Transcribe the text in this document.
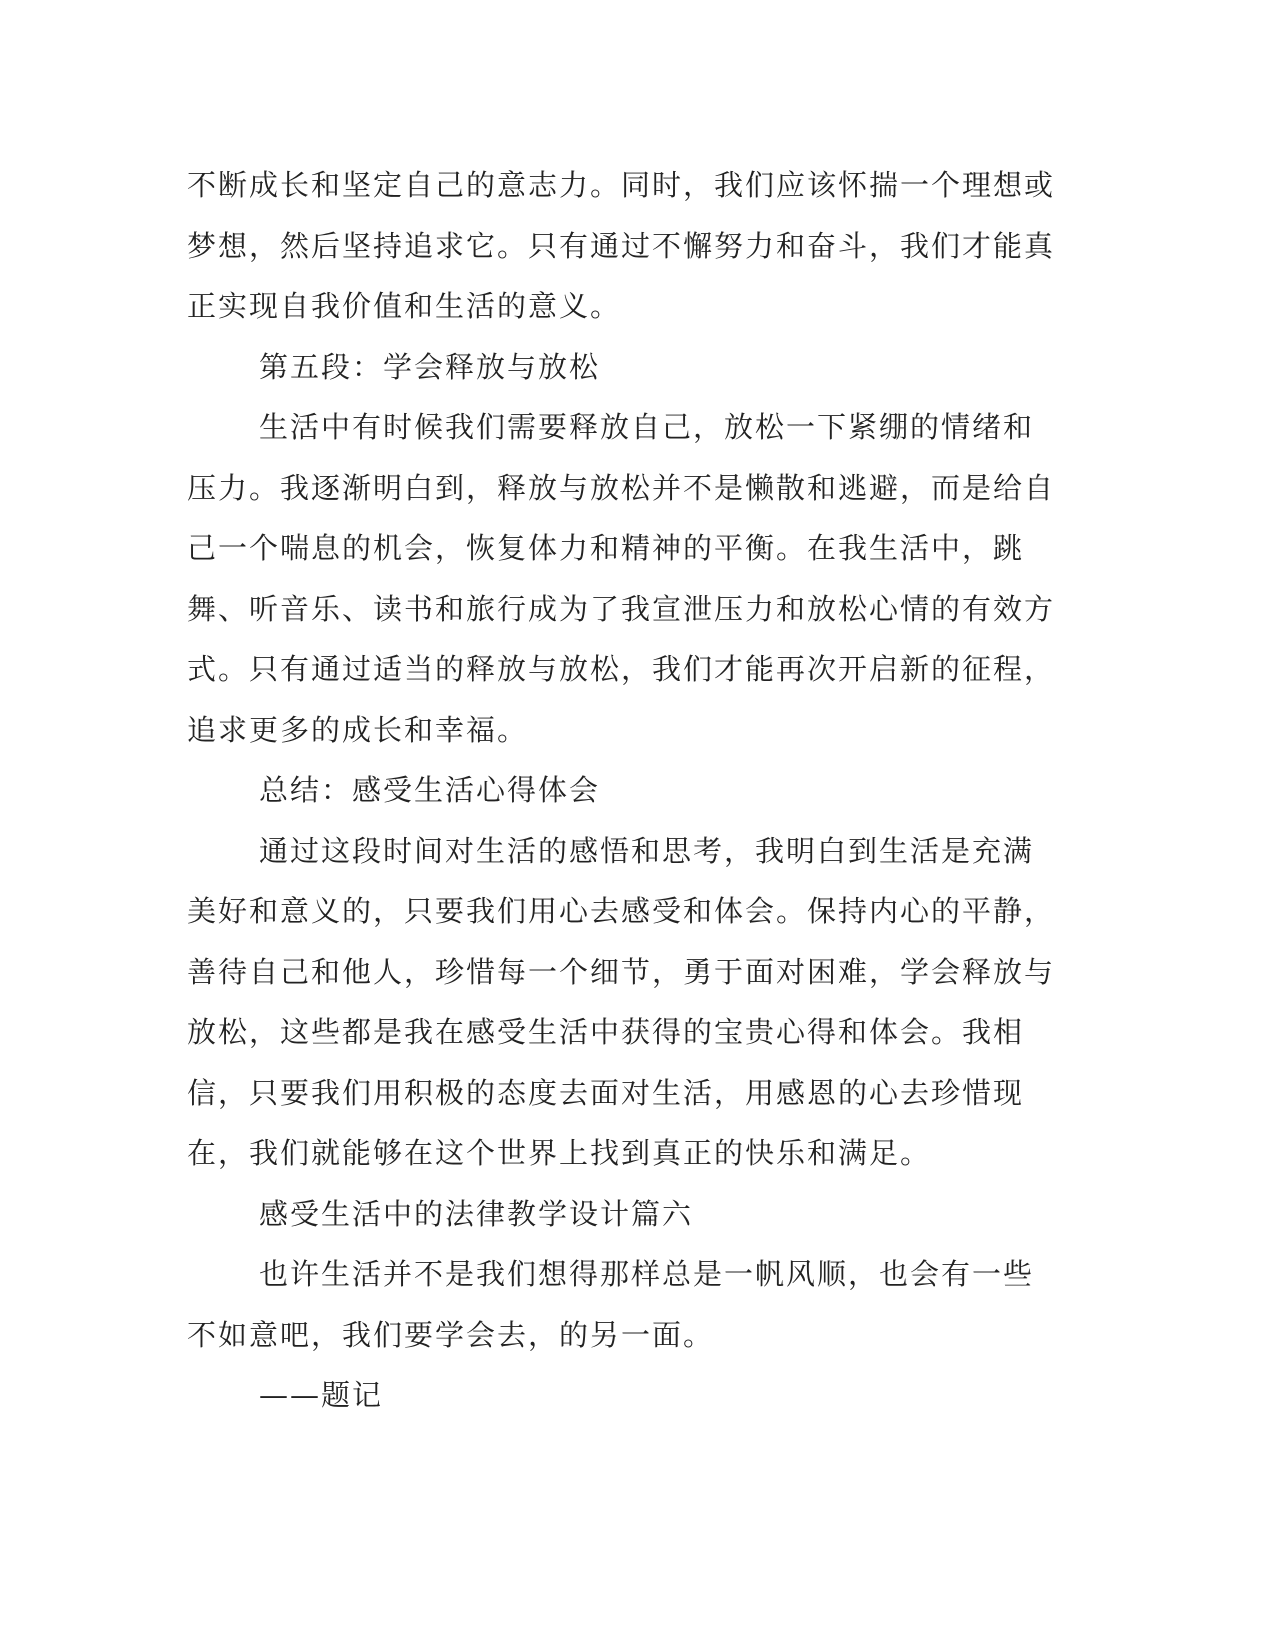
不断成长和坚定自己的意志力。同时，我们应该怀揣一个理想或梦想，然后坚持追求它。只有通过不懈努力和奋斗，我们才能真正实现自我价值和生活的意义。

第五段：学会释放与放松

生活中有时候我们需要释放自己，放松一下紧绷的情绪和压力。我逐渐明白到，释放与放松并不是懒散和逃避，而是给自己一个喘息的机会，恢复体力和精神的平衡。在我生活中，跳舞、听音乐、读书和旅行成为了我宣泄压力和放松心情的有效方式。只有通过适当的释放与放松，我们才能再次开启新的征程，追求更多的成长和幸福。

总结：感受生活心得体会

通过这段时间对生活的感悟和思考，我明白到生活是充满美好和意义的，只要我们用心去感受和体会。保持内心的平静，善待自己和他人，珍惜每一个细节，勇于面对困难，学会释放与放松，这些都是我在感受生活中获得的宝贵心得和体会。我相信，只要我们用积极的态度去面对生活，用感恩的心去珍惜现在，我们就能够在这个世界上找到真正的快乐和满足。

感受生活中的法律教学设计篇六

也许生活并不是我们想得那样总是一帆风顺，也会有一些不如意吧，我们要学会去，的另一面。

——题记
